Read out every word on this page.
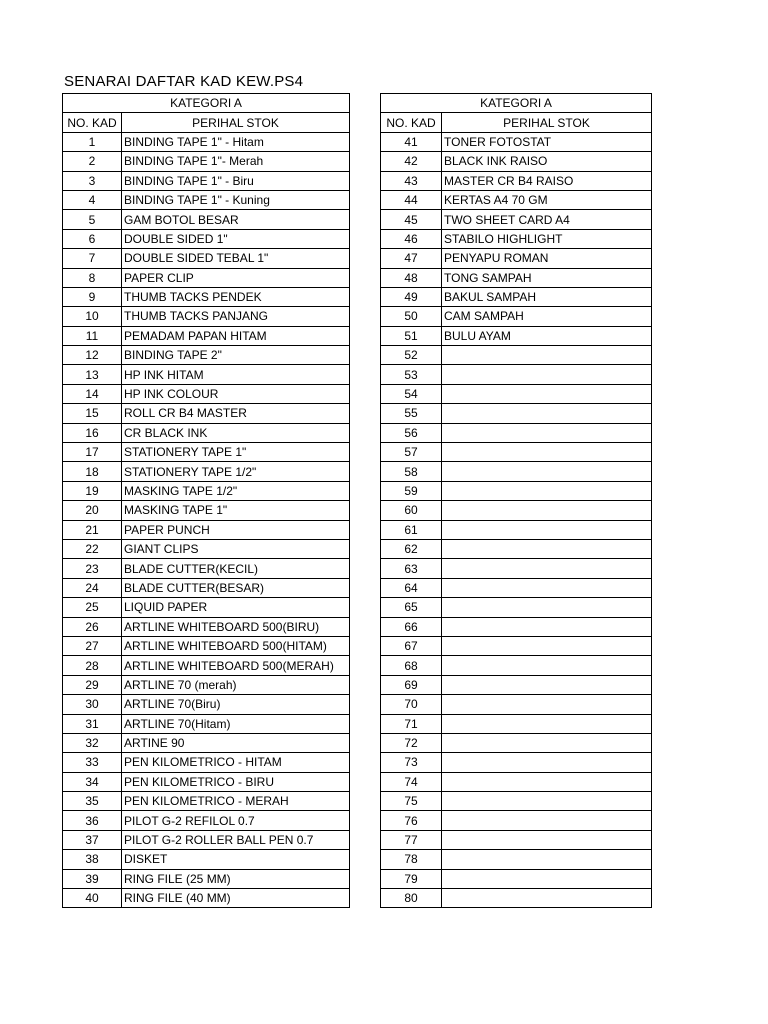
SENARAI DAFTAR KAD KEW.PS4
KATEGORI A	
NO. KAD	PERIHAL STOK
1	BINDING TAPE 1" - Hitam
2	BINDING TAPE 1"- Merah
3	BINDING TAPE 1" - Biru
4	BINDING TAPE 1" - Kuning
5	GAM BOTOL BESAR
6	DOUBLE SIDED 1"
7	DOUBLE SIDED TEBAL 1"
8	PAPER CLIP
9	THUMB TACKS PENDEK
10	THUMB TACKS PANJANG
11	PEMADAM PAPAN HITAM
12	BINDING TAPE 2"
13	HP INK HITAM
14	HP INK COLOUR
15	ROLL CR B4 MASTER
16	CR BLACK INK
17	STATIONERY TAPE 1"
18	STATIONERY TAPE 1/2"
19	MASKING TAPE 1/2"
20	MASKING TAPE 1"
21	PAPER PUNCH
22	GIANT CLIPS
23	BLADE CUTTER(KECIL)
24	BLADE CUTTER(BESAR)
25	LIQUID PAPER
26	ARTLINE WHITEBOARD 500(BIRU)
27	ARTLINE WHITEBOARD 500(HITAM)
28	ARTLINE WHITEBOARD 500(MERAH)
29	ARTLINE 70 (merah)
30	ARTLINE 70(Biru)
31	ARTLINE 70(Hitam)
32	ARTINE 90
33	PEN KILOMETRICO - HITAM
34	PEN KILOMETRICO - BIRU
35	PEN KILOMETRICO - MERAH
36	PILOT G-2 REFILOL 0.7
37	PILOT G-2 ROLLER BALL PEN 0.7
38	DISKET
39	RING FILE (25 MM)
40	RING FILE (40 MM)
KATEGORI A	
NO. KAD	PERIHAL STOK
41	TONER FOTOSTAT
42	BLACK INK RAISO
43	MASTER CR B4 RAISO
44	KERTAS A4 70 GM
45	TWO SHEET CARD A4
46	STABILO HIGHLIGHT
47	PENYAPU ROMAN
48	TONG SAMPAH
49	BAKUL SAMPAH
50	CAM SAMPAH
51	BULU AYAM
52	
53	
54	
55	
56	
57	
58	
59	
60	
61	
62	
63	
64	
65	
66	
67	
68	
69	
70	
71	
72	
73	
74	
75	
76	
77	
78	
79	
80	
